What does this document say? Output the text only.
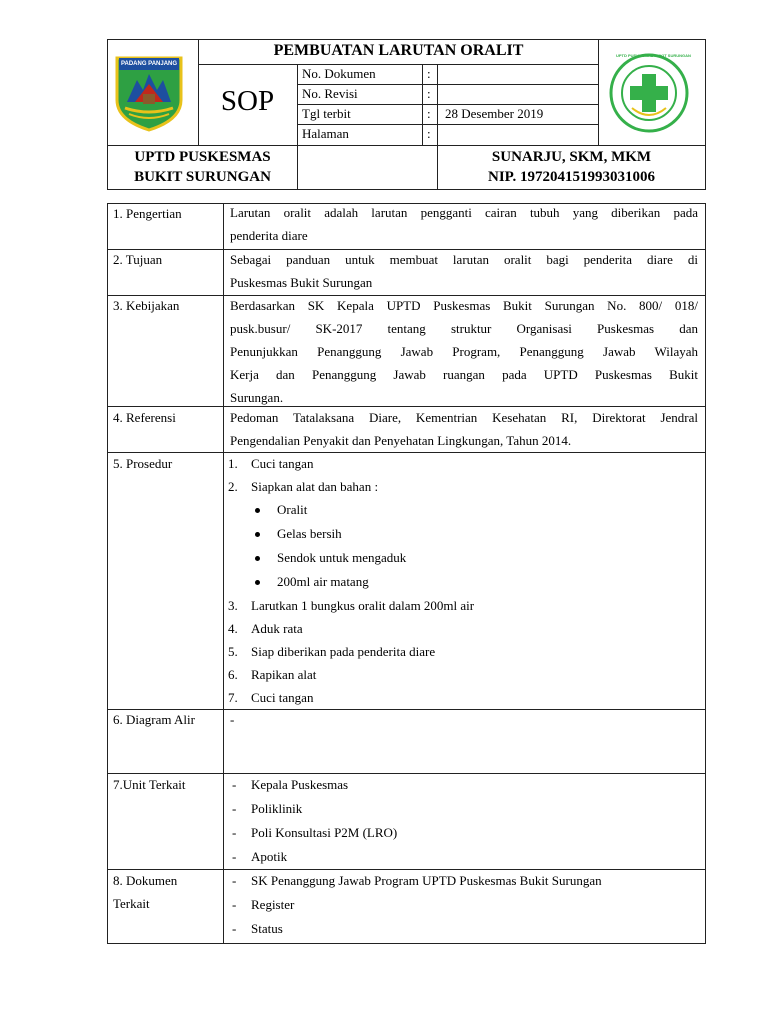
PADANG PANJANG
PEMBUATAN LARUTAN ORALIT
SOP
No. Dokumen	:
No. Revisi	:
Tgl terbit	: 28 Desember 2019
Halaman	:
UPTD PUSKESMAS BUKIT SURUNGAN
UPTD PUSKESMAS
BUKIT SURUNGAN
SUNARJU, SKM, MKM
NIP. 197204151993031006
1. Pengertian	Larutan oralit adalah larutan pengganti cairan tubuh yang diberikan pada
penderita diare
2. Tujuan	Sebagai panduan untuk membuat larutan oralit bagi penderita diare di
Puskesmas Bukit Surungan
3. Kebijakan	Berdasarkan SK Kepala UPTD Puskesmas Bukit Surungan No. 800/ 018/
pusk.busur/ SK-2017 tentang struktur Organisasi Puskesmas dan
Penunjukkan Penanggung Jawab Program, Penanggung Jawab Wilayah
Kerja dan Penanggung Jawab ruangan pada UPTD Puskesmas Bukit
Surungan.
4. Referensi	Pedoman Tatalaksana Diare, Kementrian Kesehatan RI, Direktorat Jendral
Pengendalian Penyakit dan Penyehatan Lingkungan, Tahun 2014.
5. Prosedur	1. Cuci tangan
2. Siapkan alat dan bahan :
Oralit
Gelas bersih
Sendok untuk mengaduk
200ml air matang
3. Larutkan 1 bungkus oralit dalam 200ml air
4. Aduk rata
5. Siap diberikan pada penderita diare
6. Rapikan alat
7. Cuci tangan
6. Diagram Alir	-
7.Unit Terkait	- Kepala Puskesmas
- Poliklinik
- Poli Konsultasi P2M (LRO)
- Apotik
8. Dokumen
Terkait
- SK Penanggung Jawab Program UPTD Puskesmas Bukit Surungan
- Register
- Status
